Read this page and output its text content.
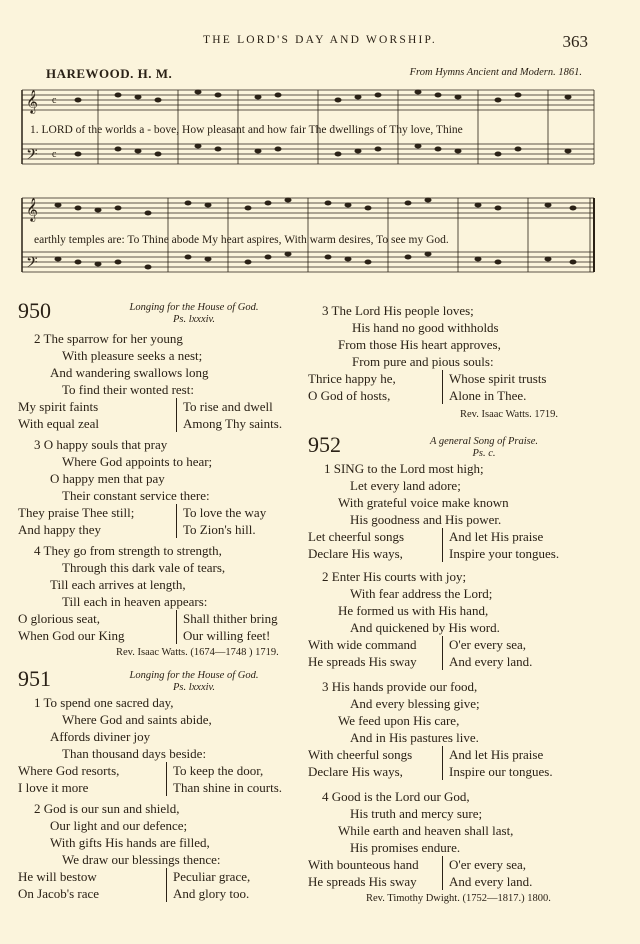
THE LORD'S DAY AND WORSHIP.	363
HAREWOOD. H. M.	From Hymns Ancient and Modern. 1861.
𝄞
𝄢
c
c
1. LORD of the worlds a - bove, How pleasant and how fair The dwellings of Thy love, Thine
𝄞
𝄢
earthly temples are: To Thine abode My heart aspires, With warm desires, To see my God.
950	Longing for the House of God.
Ps. lxxxiv.
2 The sparrow for her young
With pleasure seeks a nest;
And wandering swallows long
To find their wonted rest:
My spirit faints	To rise and dwell
With equal zeal	Among Thy saints.
3 O happy souls that pray
Where God appoints to hear;
O happy men that pay
Their constant service there:
They praise Thee still;	To love the way
And happy they	To Zion's hill.
4 They go from strength to strength,
Through this dark vale of tears,
Till each arrives at length,
Till each in heaven appears:
O glorious seat,	Shall thither bring
When God our King	Our willing feet!
Rev. Isaac Watts. (1674—1748 ) 1719.
951	Longing for the House of God.
Ps. lxxxiv.
1 To spend one sacred day,
Where God and saints abide,
Affords diviner joy
Than thousand days beside:
Where God resorts,	To keep the door,
I love it more	Than shine in courts.
2 God is our sun and shield,
Our light and our defence;
With gifts His hands are filled,
We draw our blessings thence:
He will bestow	Peculiar grace,
On Jacob's race	And glory too.
3 The Lord His people loves;
His hand no good withholds
From those His heart approves,
From pure and pious souls:
Thrice happy he,	Whose spirit trusts
O God of hosts,	Alone in Thee.
Rev. Isaac Watts. 1719.
952	A general Song of Praise.
Ps. c.
1 SING to the Lord most high;
Let every land adore;
With grateful voice make known
His goodness and His power.
Let cheerful songs	And let His praise
Declare His ways,	Inspire your tongues.
2 Enter His courts with joy;
With fear address the Lord;
He formed us with His hand,
And quickened by His word.
With wide command	O'er every sea,
He spreads His sway	And every land.
3 His hands provide our food,
And every blessing give;
We feed upon His care,
And in His pastures live.
With cheerful songs	And let His praise
Declare His ways,	Inspire our tongues.
4 Good is the Lord our God,
His truth and mercy sure;
While earth and heaven shall last,
His promises endure.
With bounteous hand	O'er every sea,
He spreads His sway	And every land.
Rev. Timothy Dwight. (1752—1817.) 1800.
